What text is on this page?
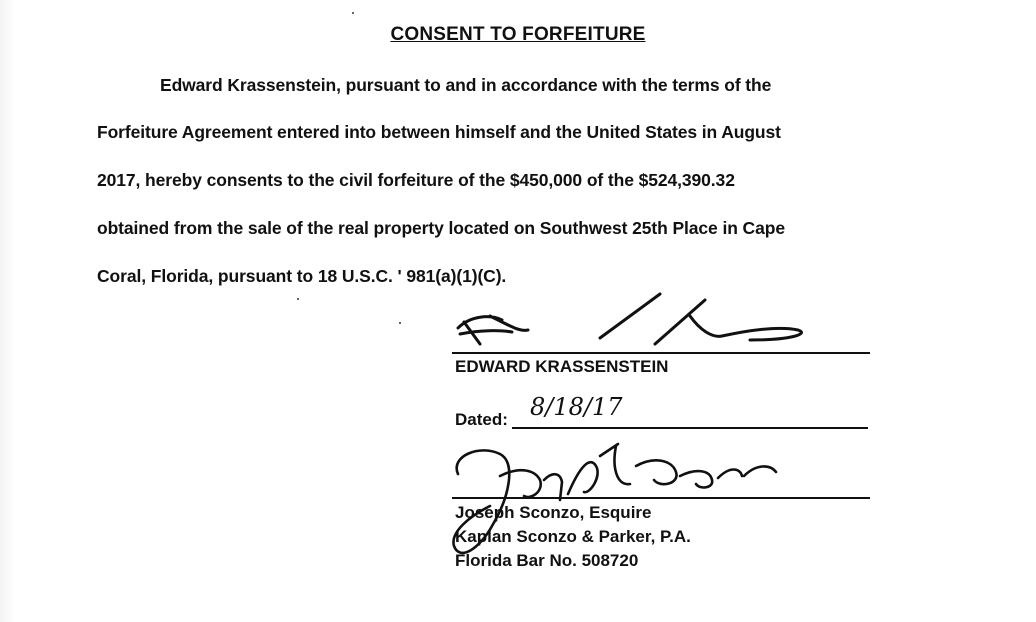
CONSENT TO FORFEITURE
Edward Krassenstein, pursuant to and in accordance with the terms of the
Forfeiture Agreement entered into between himself and the United States in August
2017, hereby consents to the civil forfeiture of the $450,000 of the $524,390.32
obtained from the sale of the real property located on Southwest 25th Place in Cape
Coral, Florida, pursuant to 18 U.S.C. ' 981(a)(1)(C).
EDWARD KRASSENSTEIN
Dated: 8/18/17
Joseph Sconzo, Esquire
Kaplan Sconzo & Parker, P.A.
Florida Bar No. 508720
